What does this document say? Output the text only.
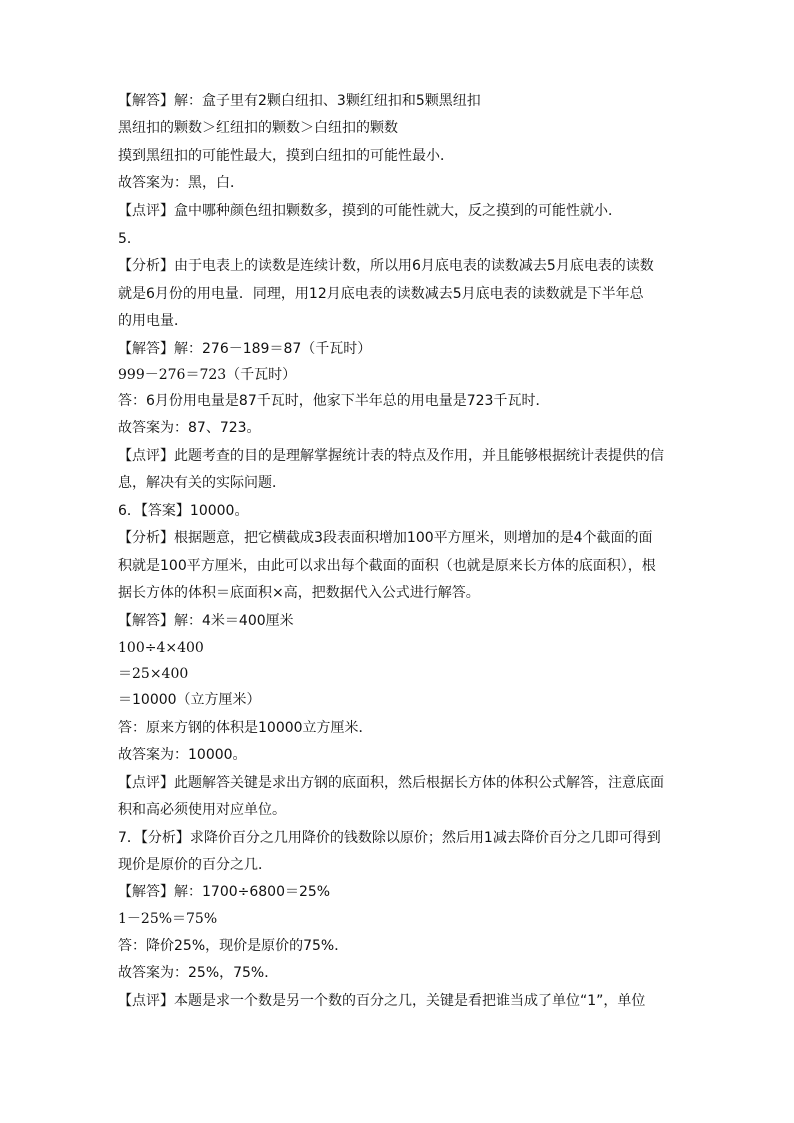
【解答】解：盒子里有2颗白纽扣、3颗红纽扣和5颗黑纽扣
黑纽扣的颗数＞红纽扣的颗数＞白纽扣的颗数
摸到黑纽扣的可能性最大，摸到白纽扣的可能性最小．
故答案为：黑，白．
【点评】盒中哪种颜色纽扣颗数多，摸到的可能性就大，反之摸到的可能性就小．
5．
【分析】由于电表上的读数是连续计数，所以用6月底电表的读数减去5月底电表的读数
就是6月份的用电量．同理，用12月底电表的读数减去5月底电表的读数就是下半年总
的用电量．
【解答】解：276－189＝87（千瓦时）
999－276＝723（千瓦时）
答：6月份用电量是87千瓦时，他家下半年总的用电量是723千瓦时．
故答案为：87、723。
【点评】此题考查的目的是理解掌握统计表的特点及作用，并且能够根据统计表提供的信
息，解决有关的实际问题．
6．【答案】10000。
【分析】根据题意，把它横截成3段表面积增加100平方厘米，则增加的是4个截面的面
积就是100平方厘米，由此可以求出每个截面的面积（也就是原来长方体的底面积），根
据长方体的体积＝底面积×高，把数据代入公式进行解答。
【解答】解：4米＝400厘米
100÷4×400
＝25×400
＝10000（立方厘米）
答：原来方钢的体积是10000立方厘米．
故答案为：10000。
【点评】此题解答关键是求出方钢的底面积，然后根据长方体的体积公式解答，注意底面
积和高必须使用对应单位。
7．【分析】求降价百分之几用降价的钱数除以原价；然后用1减去降价百分之几即可得到
现价是原价的百分之几．
【解答】解：1700÷6800＝25%
1－25%＝75%
答：降价25%，现价是原价的75%．
故答案为：25%，75%．
【点评】本题是求一个数是另一个数的百分之几，关键是看把谁当成了单位“1”，单位
